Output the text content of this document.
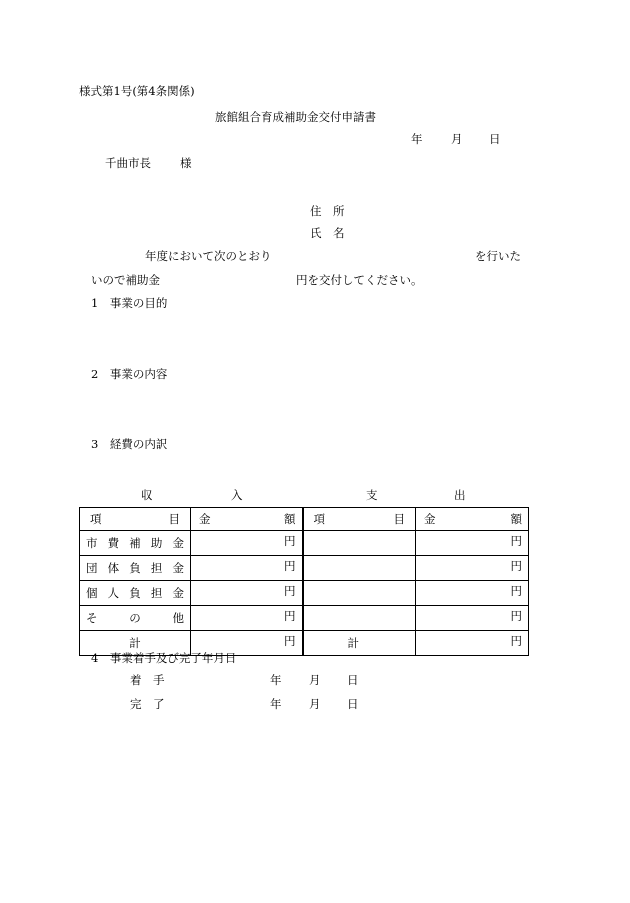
様式第1号(第4条関係)
旅館組合育成補助金交付申請書
年 月 日
千曲市長	様
住　所
氏　名
年度において次のとおり	を行いた
いので補助金	円を交付してください。
1　事業の目的
2　事業の内容
3　経費の内訳
収	入	支	出
項 目	金 額	項 目	金 額

市 費 補 助 金	円		円

団 体 負 担 金	円		円

個 人 負 担 金	円		円

そ の 他	円		円
計	円	計	円
4　事業着手及び完了年月日
着　手	年 月 日
完　了	年 月 日
